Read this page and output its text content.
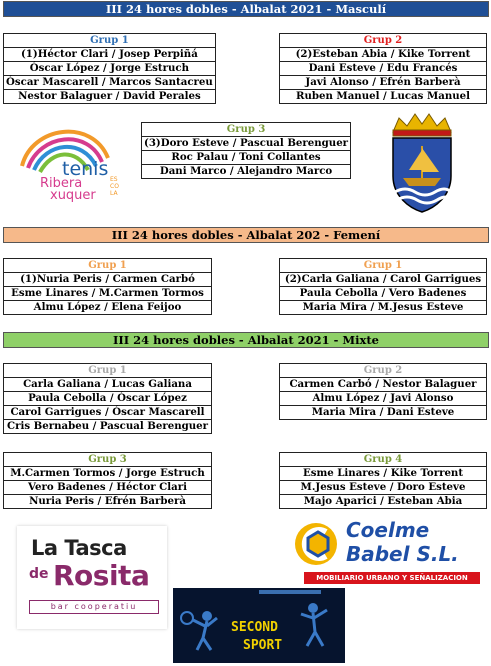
III 24 hores dobles - Albalat 2021 - Masculí
Grup 1
(1)Héctor Clari / Josep Perpiñá
Óscar López / Jorge Estruch
Óscar Mascarell / Marcos Santacreu
Nestor Balaguer / David Perales
Grup 2
(2)Esteban Abia / Kike Torrent
Dani Esteve / Edu Francés
Javi Alonso / Efrén Barberà
Ruben Manuel / Lucas Manuel
Grup 3
(3)Doro Esteve / Pascual Berenguer
Roc Palau / Toni Collantes
Dani Marco / Alejandro Marco
tenis
Ribera
xuquer
ES CO LA
III 24 hores dobles - Albalat 202 - Femení
Grup 1
(1)Nuria Peris / Carmen Carbó
Esme Linares / M.Carmen Tormos
Almu López / Elena Feijoo
Grup 1
(2)Carla Galiana / Carol Garrigues
Paula Cebolla / Vero Badenes
Maria Mira / M.Jesus Esteve
III 24 hores dobles - Albalat 2021 - Mixte
Grup 1
Carla Galiana / Lucas Galiana
Paula Cebolla / Óscar López
Carol Garrigues / Óscar Mascarell
Cris Bernabeu / Pascual Berenguer
Grup 2
Carmen Carbó / Nestor Balaguer
Almu López / Javi Alonso
Maria Mira / Dani Esteve
Grup 3
M.Carmen Tormos / Jorge Estruch
Vero Badenes / Héctor Clari
Nuria Peris / Efrén Barberà
Grup 4
Esme Linares / Kike Torrent
M.Jesus Esteve / Doro Esteve
Majo Aparici / Esteban Abia
La Tasca
de Rosita
bar cooperatiu
Coelme
Babel S.L.
MOBILIARIO URBANO Y SEÑALIZACION
SECOND
SPORT
